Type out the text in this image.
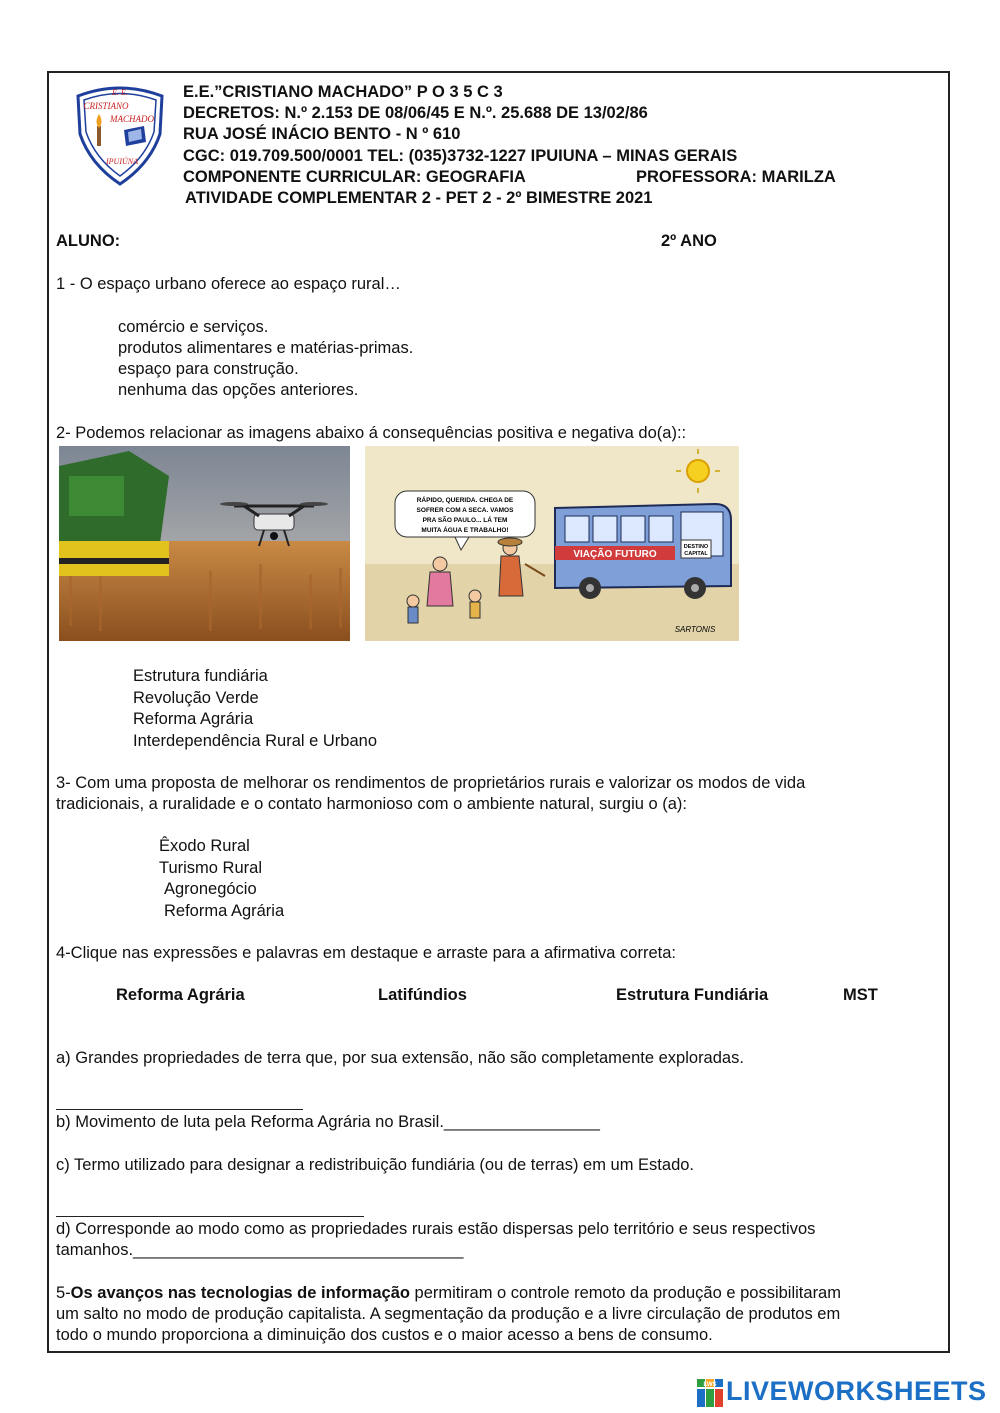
E. E.
CRISTIANO
MACHADO
IPUIÚNA
E.E.”CRISTIANO MACHADO” P O 3 5 C 3
DECRETOS: N.º 2.153 DE 08/06/45 E N.º. 25.688 DE 13/02/86
RUA JOSÉ INÁCIO BENTO - N º 610
CGC: 019.709.500/0001 TEL: (035)3732-1227 IPUIUNA – MINAS GERAIS
COMPONENTE CURRICULAR: GEOGRAFIA	PROFESSORA: MARILZA
ATIVIDADE COMPLEMENTAR 2 - PET 2 - 2º BIMESTRE 2021
ALUNO:	2º ANO
1 - O espaço urbano oferece ao espaço rural…
comércio e serviços.
produtos alimentares e matérias-primas.
espaço para construção.
nenhuma das opções anteriores.
2- Podemos relacionar as imagens abaixo á consequências positiva e negativa do(a)::
RÁPIDO, QUERIDA. CHEGA DE
SOFRER COM A SECA. VAMOS
PRA SÃO PAULO... LÁ TEM
MUITA ÁGUA E TRABALHO!
VIAÇÃO FUTURO
DESTINO
CAPITAL
SARTONIS
Estrutura fundiária
Revolução Verde
Reforma Agrária
Interdependência Rural e Urbano
3- Com uma proposta de melhorar os rendimentos de proprietários rurais e valorizar os modos de vida
tradicionais, a ruralidade e o contato harmonioso com o ambiente natural, surgiu o (a):
Êxodo Rural
Turismo Rural
Agronegócio
Reforma Agrária
4-Clique nas expressões e palavras em destaque e arraste para a afirmativa correta:
Reforma Agrária	Latifúndios	Estrutura Fundiária	MST
a) Grandes propriedades de terra que, por sua extensão, não são completamente exploradas.
b) Movimento de luta pela Reforma Agrária no Brasil._________________
c) Termo utilizado para designar a redistribuição fundiária (ou de terras) em um Estado.
d) Corresponde ao modo como as propriedades rurais estão dispersas pelo território e seus respectivos
tamanhos.____________________________________
5-Os avanços nas tecnologias de informação permitiram o controle remoto da produção e possibilitaram
um salto no modo de produção capitalista. A segmentação da produção e a livre circulação de produtos em
todo o mundo proporciona a diminuição dos custos e o maior acesso a bens de consumo.
LWS LIVEWORKSHEETS
